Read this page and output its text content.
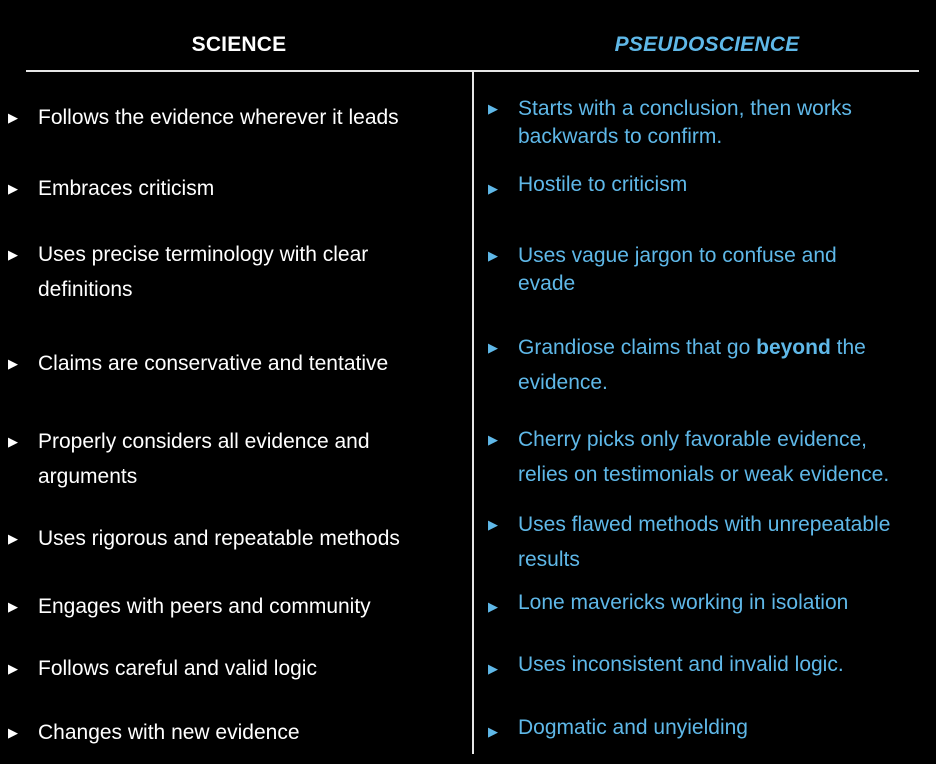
SCIENCE	PSEUDOSCIENCE
▶ Follows the evidence wherever it leads
▶ Embraces criticism
▶ Uses precise terminology with clear
definitions
▶ Claims are conservative and tentative
▶ Properly considers all evidence and
arguments
▶ Uses rigorous and repeatable methods
▶ Engages with peers and community
▶ Follows careful and valid logic
▶ Changes with new evidence
▶ Starts with a conclusion, then works
backwards to confirm.
▶ Hostile to criticism
▶ Uses vague jargon to confuse and
evade
▶ Grandiose claims that go beyond the
evidence.
▶ Cherry picks only favorable evidence,
relies on testimonials or weak evidence.
▶ Uses flawed methods with unrepeatable
results
▶ Lone mavericks working in isolation
▶ Uses inconsistent and invalid logic.
▶ Dogmatic and unyielding
